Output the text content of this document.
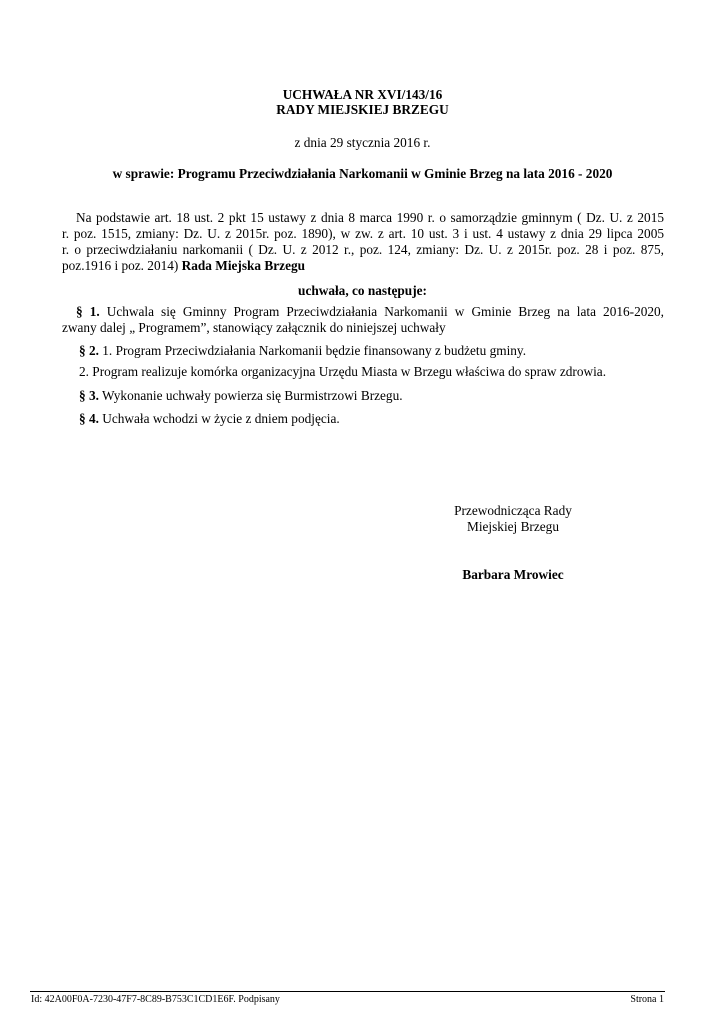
UCHWAŁA NR XVI/143/16
RADY MIEJSKIEJ BRZEGU
z dnia 29 stycznia 2016 r.
w sprawie: Programu Przeciwdziałania Narkomanii w Gminie Brzeg na lata 2016 - 2020
Na podstawie art. 18 ust. 2 pkt 15 ustawy z dnia 8 marca 1990 r. o samorządzie gminnym ( Dz. U. z 2015
r. poz. 1515, zmiany: Dz. U. z 2015r. poz. 1890), w zw. z art. 10 ust. 3 i ust. 4 ustawy z dnia 29 lipca 2005
r. o przeciwdziałaniu narkomanii ( Dz. U. z 2012 r., poz. 124, zmiany: Dz. U. z 2015r. poz. 28 i poz. 875,
poz.1916 i poz. 2014) Rada Miejska Brzegu
uchwała, co następuje:
§ 1. Uchwala się Gminny Program Przeciwdziałania Narkomanii w Gminie Brzeg na lata 2016-2020,
zwany dalej „ Programem”, stanowiący załącznik do niniejszej uchwały
§ 2. 1. Program Przeciwdziałania Narkomanii będzie finansowany z budżetu gminy.
2. Program realizuje komórka organizacyjna Urzędu Miasta w Brzegu właściwa do spraw zdrowia.
§ 3. Wykonanie uchwały powierza się Burmistrzowi Brzegu.
§ 4. Uchwała wchodzi w życie z dniem podjęcia.
Przewodnicząca Rady
Miejskiej Brzegu
Barbara Mrowiec
Id: 42A00F0A-7230-47F7-8C89-B753C1CD1E6F. Podpisany	Strona 1
